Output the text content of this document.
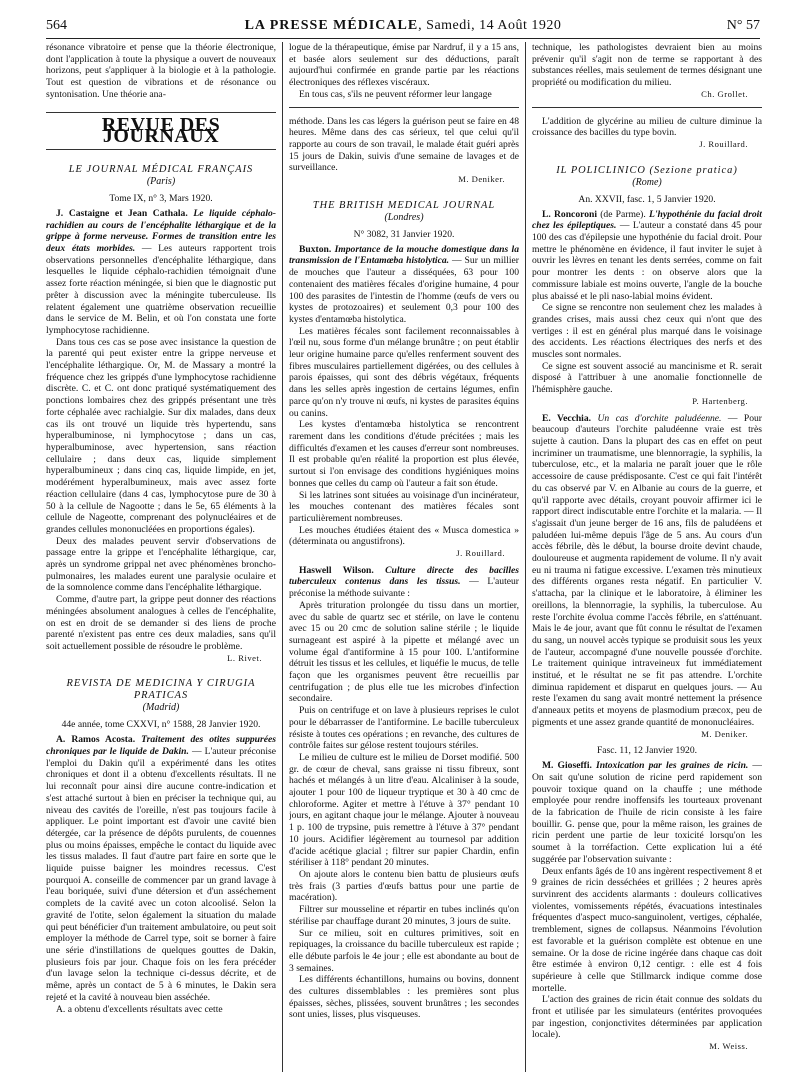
564	LA PRESSE MÉDICALE, Samedi, 14 Août 1920	N° 57

résonance vibratoire et pense que la théorie électronique, dont l'application à toute la physique a ouvert de nouveaux horizons, peut s'appliquer à la biologie et à la pathologie. Tout est question de vibrations et de résonance ou syntonisation. Une théorie ana-

REVUE DES JOURNAUX
LE JOURNAL MÉDICAL FRANÇAIS
(Paris)
Tome IX, n° 3, Mars 1920.

J. Castaigne et Jean Cathala. Le liquide céphalo-rachidien au cours de l'encéphalite léthargique et de la grippe à forme nerveuse. Formes de transition entre les deux états morbides. — Les auteurs rapportent trois observations personnelles d'encéphalite léthargique, dans lesquelles le liquide céphalo-rachidien témoignait d'une assez forte réaction méningée, si bien que le diagnostic put prêter à discussion avec la méningite tuberculeuse. Ils relatent également une quatrième observation recueillie dans le service de M. Belin, et où l'on constata une forte lymphocytose rachidienne.

Dans tous ces cas se pose avec insistance la question de la parenté qui peut exister entre la grippe nerveuse et l'encéphalite léthargique. Or, M. de Massary a montré la fréquence chez les grippés d'une lymphocytose rachidienne discrète. C. et C. ont donc pratiqué systématiquement des ponctions lombaires chez des grippés présentant une très forte céphalée avec rachialgie. Sur dix malades, dans deux cas ils ont trouvé un liquide très hypertendu, sans hyperalbuminose, ni lymphocytose ; dans un cas, hyperalbuminose, avec hypertension, sans réaction cellulaire ; dans deux cas, liquide simplement hyperalbumineux ; dans cinq cas, liquide limpide, en jet, modérément hyperalbumineux, mais avec assez forte réaction cellulaire (dans 4 cas, lymphocytose pure de 30 à 50 à la cellule de Nagootte ; dans le 5e, 65 éléments à la cellule de Nageotte, comprenant des polynucléaires et de grandes cellules mononucléées en proportions égales).

Deux des malades peuvent servir d'observations de passage entre la grippe et l'encéphalite léthargique, car, après un syndrome grippal net avec phénomènes broncho-pulmonaires, les malades eurent une paralysie oculaire et de la somnolence comme dans l'encéphalite léthargique.

Comme, d'autre part, la grippe peut donner des réactions méningées absolument analogues à celles de l'encéphalite, on est en droit de se demander si des liens de proche parenté n'existent pas entre ces deux maladies, sans qu'il soit actuellement possible de résoudre le problème.

L. Rivet.
REVISTA DE MEDICINA Y CIRUGIA PRATICAS
(Madrid)
44e année, tome CXXVI, n° 1588, 28 Janvier 1920.

A. Ramos Acosta. Traitement des otites suppurées chroniques par le liquide de Dakin. — L'auteur préconise l'emploi du Dakin qu'il a expérimenté dans les otites chroniques et dont il a obtenu d'excellents résultats. Il ne lui reconnaît pour ainsi dire aucune contre-indication et s'est attaché surtout à bien en préciser la technique qui, au niveau des cavités de l'oreille, n'est pas toujours facile à appliquer. Le point important est d'avoir une cavité bien détergée, car la présence de dépôts purulents, de couennes plus ou moins épaisses, empêche le contact du liquide avec les tissus malades. Il faut d'autre part faire en sorte que le liquide puisse baigner les moindres recessus. C'est pourquoi A. conseille de commencer par un grand lavage à l'eau boriquée, suivi d'une détersion et d'un asséchement complets de la cavité avec un coton alcoolisé. Selon la gravité de l'otite, selon également la situation du malade qui peut bénéficier d'un traitement ambulatoire, ou peut soit employer la méthode de Carrel type, soit se borner à faire une série d'instillations de quelques gouttes de Dakin, plusieurs fois par jour. Chaque fois on les fera précéder d'un lavage selon la technique ci-dessus décrite, et de même, après un contact de 5 à 6 minutes, le Dakin sera rejeté et la cavité à nouveau bien asséchée.

A. a obtenu d'excellents résultats avec cette

logue de la thérapeutique, émise par Nardruf, il y a 15 ans, et basée alors seulement sur des déductions, paraît aujourd'hui confirmée en grande partie par les réactions électroniques des réflexes viscéraux.

En tous cas, s'ils ne peuvent réformer leur langage

méthode. Dans les cas légers la guérison peut se faire en 48 heures. Même dans des cas sérieux, tel que celui qu'il rapporte au cours de son travail, le malade était guéri après 15 jours de Dakin, suivis d'une semaine de lavages et de surveillance.

M. Deniker.
THE BRITISH MEDICAL JOURNAL
(Londres)
N° 3082, 31 Janvier 1920.

Buxton. Importance de la mouche domestique dans la transmission de l'Entamœba histolytica. — Sur un millier de mouches que l'auteur a disséquées, 63 pour 100 contenaient des matières fécales d'origine humaine, 4 pour 100 des parasites de l'intestin de l'homme (œufs de vers ou kystes de protozoaires) et seulement 0,3 pour 100 des kystes d'entamœba histolytica.

Les matières fécales sont facilement reconnaissables à l'œil nu, sous forme d'un mélange brunâtre ; on peut établir leur origine humaine parce qu'elles renferment souvent des fibres musculaires partiellement digérées, ou des cellules à parois épaisses, qui sont des débris végétaux, fréquents dans les selles après ingestion de certains légumes, enfin parce qu'on n'y trouve ni œufs, ni kystes de parasites équins ou canins.

Les kystes d'entamœba histolytica se rencontrent rarement dans les conditions d'étude précitées ; mais les difficultés d'examen et les causes d'erreur sont nombreuses. Il est probable qu'en réalité la proportion est plus élevée, surtout si l'on envisage des conditions hygiéniques moins bonnes que celles du camp où l'auteur a fait son étude.

Si les latrines sont situées au voisinage d'un incinérateur, les mouches contenant des matières fécales sont particulièrement nombreuses.

Les mouches étudiées étaient des « Musca domestica » (déterminata ou angustifrons).

J. Rouillard.

Haswell Wilson. Culture directe des bacilles tuberculeux contenus dans les tissus. — L'auteur préconise la méthode suivante :

Après trituration prolongée du tissu dans un mortier, avec du sable de quartz sec et stérile, on lave le contenu avec 15 ou 20 cmc de solution saline stérile ; le liquide surnageant est aspiré à la pipette et mélangé avec un volume égal d'antiformine à 15 pour 100. L'antiformine détruit les tissus et les cellules, et liquéfie le mucus, de telle façon que les organismes peuvent être recueillis par centrifugation ; de plus elle tue les microbes d'infection secondaire.

Puis on centrifuge et on lave à plusieurs reprises le culot pour le débarrasser de l'antiformine. Le bacille tuberculeux résiste à toutes ces opérations ; en revanche, des cultures de contrôle faites sur gélose restent toujours stériles.

Le milieu de culture est le milieu de Dorset modifié. 500 gr. de cœur de cheval, sans graisse ni tissu fibreux, sont hachés et mélangés à un litre d'eau. Alcaliniser à la soude, ajouter 1 pour 100 de liqueur tryptique et 30 à 40 cmc de chloroforme. Agiter et mettre à l'étuve à 37° pendant 10 jours, en agitant chaque jour le mélange. Ajouter à nouveau 1 p. 100 de trypsine, puis remettre à l'étuve à 37° pendant 10 jours. Acidifier légèrement au tournesol par addition d'acide acétique glacial ; filtrer sur papier Chardin, enfin stériliser à 118° pendant 20 minutes.

On ajoute alors le contenu bien battu de plusieurs œufs très frais (3 parties d'œufs battus pour une partie de macération).

Filtrer sur mousseline et répartir en tubes inclinés qu'on stérilise par chauffage durant 20 minutes, 3 jours de suite.

Sur ce milieu, soit en cultures primitives, soit en repiquages, la croissance du bacille tuberculeux est rapide ; elle débute parfois le 4e jour ; elle est abondante au bout de 3 semaines.

Les différents échantillons, humains ou bovins, donnent des cultures dissemblables : les premières sont plus épaisses, sèches, plissées, souvent brunâtres ; les secondes sont unies, lisses, plus visqueuses.

technique, les pathologistes devraient bien au moins prévenir qu'il s'agit non de terme se rapportant à des substances réelles, mais seulement de termes désignant une propriété ou modification du milieu.

Ch. Grollet.

L'addition de glycérine au milieu de culture diminue la croissance des bacilles du type bovin.

J. Rouillard.
IL POLICLINICO (Sezione pratica)
(Rome)
An. XXVII, fasc. 1, 5 Janvier 1920.

L. Roncoroni (de Parme). L'hypothénie du facial droit chez les épileptiques. — L'auteur a constaté dans 45 pour 100 des cas d'épilepsie une hypothénie du facial droit. Pour mettre le phénomène en évidence, il faut inviter le sujet à ouvrir les lèvres en tenant les dents serrées, comme on fait pour montrer les dents : on observe alors que la commissure labiale est moins ouverte, l'angle de la bouche plus abaissé et le pli naso-labial moins évident.

Ce signe se rencontre non seulement chez les malades à grandes crises, mais aussi chez ceux qui n'ont que des vertiges : il est en général plus marqué dans le voisinage des accidents. Les réactions électriques des nerfs et des muscles sont normales.

Ce signe est souvent associé au mancinisme et R. serait disposé à l'attribuer à une anomalie fonctionnelle de l'hémisphère gauche.

P. Hartenberg.

E. Vecchia. Un cas d'orchite paludéenne. — Pour beaucoup d'auteurs l'orchite paludéenne vraie est très sujette à caution. Dans la plupart des cas en effet on peut incriminer un traumatisme, une blennorragie, la syphilis, la tuberculose, etc., et la malaria ne paraît jouer que le rôle accessoire de cause prédisposante. C'est ce qui fait l'intérêt du cas observé par V. en Albanie au cours de la guerre, et qu'il rapporte avec détails, croyant pouvoir affirmer ici le rapport direct indiscutable entre l'orchite et la malaria. — Il s'agissait d'un jeune berger de 16 ans, fils de paludéens et paludéen lui-même depuis l'âge de 5 ans. Au cours d'un accès fébrile, dès le début, la bourse droite devint chaude, douloureuse et augmenta rapidement de volume. Il n'y avait eu ni trauma ni fatigue excessive. L'examen très minutieux des différents organes resta négatif. En particulier V. s'attacha, par la clinique et le laboratoire, à éliminer les oreillons, la blennorragie, la syphilis, la tuberculose. Au reste l'orchite évolua comme l'accès fébrile, en s'atténuant. Mais le 4e jour, avant que fût connu le résultat de l'examen du sang, un nouvel accès typique se produisit sous les yeux de l'auteur, accompagné d'une nouvelle poussée d'orchite. Le traitement quinique intraveineux fut immédiatement institué, et le résultat ne se fit pas attendre. L'orchite diminua rapidement et disparut en quelques jours. — Au reste l'examen du sang avait montré nettement la présence d'anneaux petits et moyens de plasmodium præcox, peu de pigments et une assez grande quantité de mononucléaires.

M. Deniker.
Fasc. 11, 12 Janvier 1920.

M. Gioseffi. Intoxication par les graines de ricin. — On sait qu'une solution de ricine perd rapidement son pouvoir toxique quand on la chauffe ; une méthode employée pour rendre inoffensifs les tourteaux provenant de la fabrication de l'huile de ricin consiste à les faire bouillir. G. pense que, pour la même raison, les graines de ricin perdent une partie de leur toxicité lorsqu'on les soumet à la torréfaction. Cette explication lui a été suggérée par l'observation suivante :

Deux enfants âgés de 10 ans ingèrent respectivement 8 et 9 graines de ricin desséchées et grillées ; 2 heures après survinrent des accidents alarmants : douleurs collicatives violentes, vomissements répétés, évacuations intestinales fréquentes d'aspect muco-sanguinolent, vertiges, céphalée, tremblement, signes de collapsus. Néanmoins l'évolution est favorable et la guérison complète est obtenue en une semaine. Or la dose de ricine ingérée dans chaque cas doit être estimée à environ 0,12 centigr. : elle est 4 fois supérieure à celle que Stillmarck indique comme dose mortelle.

L'action des graines de ricin était connue des soldats du front et utilisée par les simulateurs (entérites provoquées par ingestion, conjonctivites déterminées par application locale).

M. Weiss.
